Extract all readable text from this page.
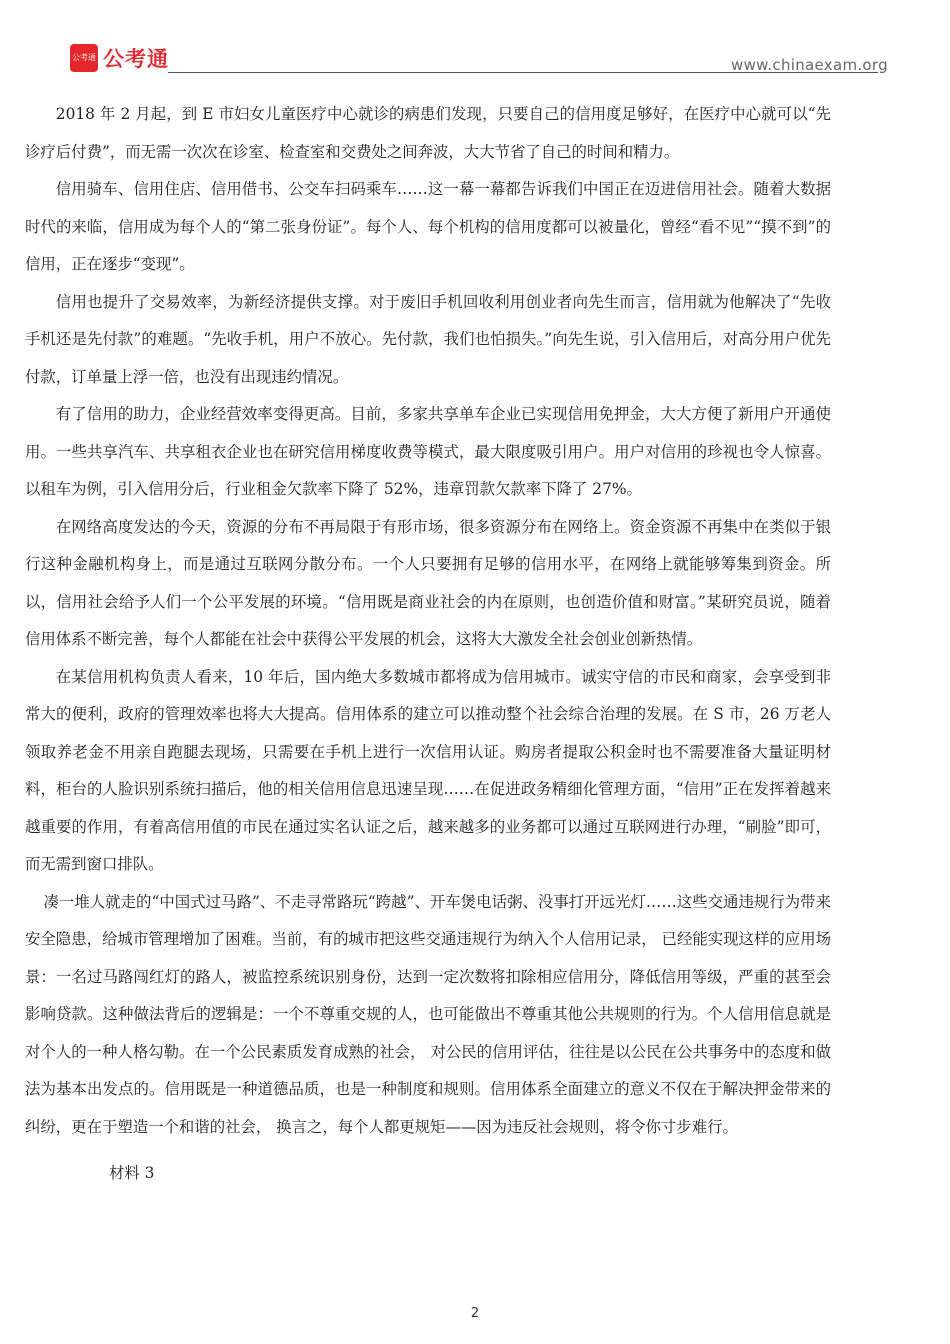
公考通 公考通	www.chinaexam.org

2018 年 2 月起，到 E 市妇女儿童医疗中心就诊的病患们发现，只要自己的信用度足够好，在医疗中心就可以“先诊疗后付费”，而无需一次次在诊室、检查室和交费处之间奔波，大大节省了自己的时间和精力。

信用骑车、信用住店、信用借书、公交车扫码乘车……这一幕一幕都告诉我们中国正在迈进信用社会。随着大数据时代的来临，信用成为每个人的“第二张身份证”。每个人、每个机构的信用度都可以被量化，曾经“看不见”“摸不到”的信用，正在逐步“变现”。

信用也提升了交易效率，为新经济提供支撑。对于废旧手机回收利用创业者向先生而言，信用就为他解决了“先收手机还是先付款”的难题。“先收手机，用户不放心。先付款，我们也怕损失。”向先生说，引入信用后，对高分用户优先付款，订单量上浮一倍，也没有出现违约情况。

有了信用的助力，企业经营效率变得更高。目前，多家共享单车企业已实现信用免押金，大大方便了新用户开通使用。一些共享汽车、共享租衣企业也在研究信用梯度收费等模式，最大限度吸引用户。用户对信用的珍视也令人惊喜。以租车为例，引入信用分后，行业租金欠款率下降了 52%，违章罚款欠款率下降了 27%。

在网络高度发达的今天，资源的分布不再局限于有形市场，很多资源分布在网络上。资金资源不再集中在类似于银行这种金融机构身上，而是通过互联网分散分布。一个人只要拥有足够的信用水平，在网络上就能够筹集到资金。所以，信用社会给予人们一个公平发展的环境。“信用既是商业社会的内在原则，也创造价值和财富。”某研究员说，随着信用体系不断完善，每个人都能在社会中获得公平发展的机会，这将大大激发全社会创业创新热情。

在某信用机构负责人看来，10 年后，国内绝大多数城市都将成为信用城市。诚实守信的市民和商家，会享受到非常大的便利，政府的管理效率也将大大提高。信用体系的建立可以推动整个社会综合治理的发展。在 S 市，26 万老人领取养老金不用亲自跑腿去现场，只需要在手机上进行一次信用认证。购房者提取公积金时也不需要准备大量证明材料，柜台的人脸识别系统扫描后，他的相关信用信息迅速呈现……在促进政务精细化管理方面，“信用”正在发挥着越来越重要的作用，有着高信用值的市民在通过实名认证之后，越来越多的业务都可以通过互联网进行办理，“刷脸”即可，而无需到窗口排队。

凑一堆人就走的“中国式过马路”、不走寻常路玩“跨越”、开车煲电话粥、没事打开远光灯……这些交通违规行为带来安全隐患，给城市管理增加了困难。当前，有的城市把这些交通违规行为纳入个人信用记录， 已经能实现这样的应用场景：一名过马路闯红灯的路人，被监控系统识别身份，达到一定次数将扣除相应信用分，降低信用等级，严重的甚至会影响贷款。这种做法背后的逻辑是：一个不尊重交规的人，也可能做出不尊重其他公共规则的行为。个人信用信息就是对个人的一种人格勾勒。在一个公民素质发育成熟的社会， 对公民的信用评估，往往是以公民在公共事务中的态度和做法为基本出发点的。信用既是一种道德品质，也是一种制度和规则。信用体系全面建立的意义不仅在于解决押金带来的纠纷，更在于塑造一个和谐的社会， 换言之，每个人都更规矩——因为违反社会规则，将令你寸步难行。

材料 3

2
